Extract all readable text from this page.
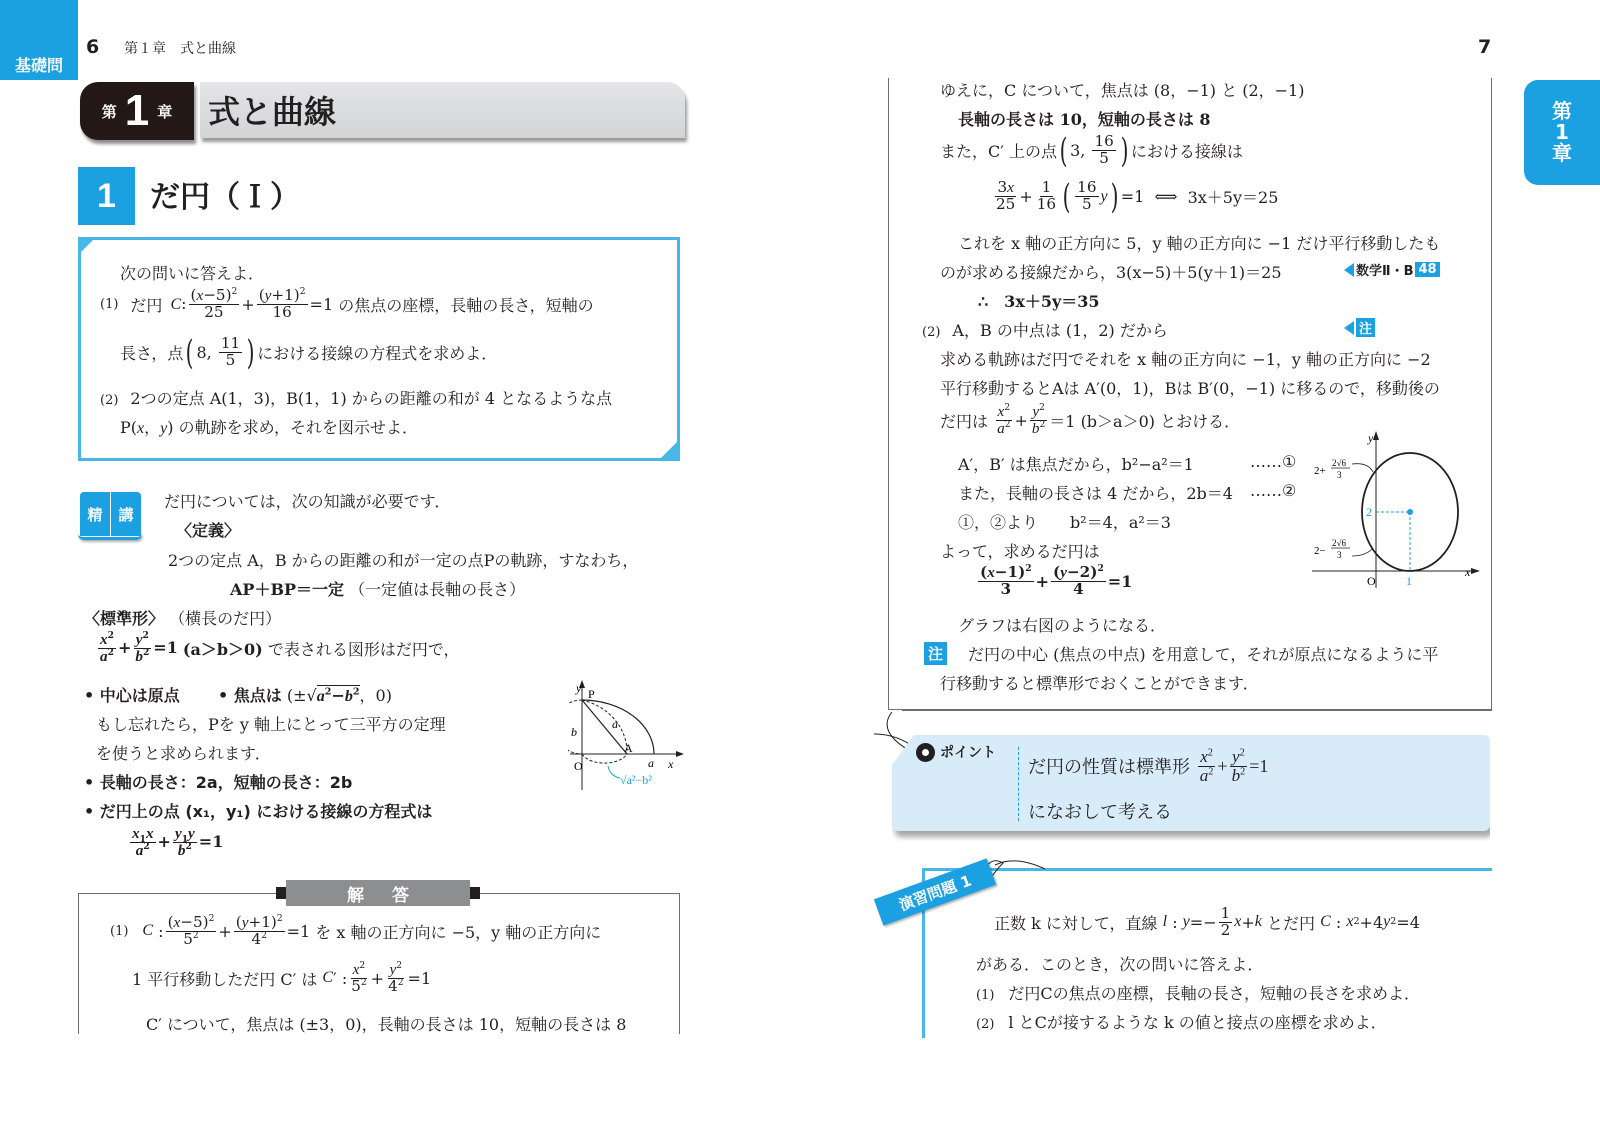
基礎問
6 第１章　式と曲線
第 1 章 式と曲線
1	だ円（Ｉ）
次の問いに答えよ．
(1) だ円 C: $\frac{(x-5)^2}{25} + \frac{(y+1)^2}{16} =1$ の焦点の座標，長軸の長さ，短軸の
長さ，点 ( 8, $\frac{11}{5}$ ) における接線の方程式を求めよ．
(2) 2つの定点 A(1，3)，B(1，1) からの距離の和が 4 となるような点
P(x，y) の軌跡を求め，それを図示せよ．
精	講
だ円については，次の知識が必要です．
〈定義〉
2つの定点 A，B からの距離の和が一定の点Pの軌跡，すなわち，
AP＋BP＝一定 （一定値は長軸の長さ）
〈標準形〉 （横長のだ円）
$\frac{x^2}{a^2} + \frac{y^2}{b^2} =1$
(a＞b＞0)
で表される図形はだ円で，
• 中心は原点	• 焦点は ($\pm√a^2-b^2$，0)
もし忘れたら，Pを y 軸上にとって三平方の定理
を使うと求められます．
• 長軸の長さ：2a，短軸の長さ：2b
• だ円上の点 (x₁，y₁) における接線の方程式は
$\frac{x_1x}{a^2} + \frac{y_1y}{b^2} =1$
y P
a
b
A
O	a x
√a²−b²
解答
(1) C : $\frac{(x-5)^2}{5^2} + \frac{(y+1)^2}{4^2} =1$ を x 軸の正方向に −5，y 軸の正方向に
1 平行移動しただ円 C′ は
C ′ : $\frac{x^2}{5^2} + \frac{y^2}{4^2} =1$
C′ について，焦点は (±3，0)，長軸の長さは 10，短軸の長さは 8
7
第
1
章
ゆえに，C について，焦点は (8，−1) と (2，−1)
長軸の長さは 10，短軸の長さは 8
また，C′ 上の点 ( 3, $\frac{16}{5}$ ) における接線は
$\frac{3x}{25} + \frac{1}{16}$ ( $\frac{16}{5}$ y ) =1  ⟺ 3x＋5y＝25
これを x 軸の正方向に 5，y 軸の正方向に −1 だけ平行移動したも
のが求める接線だから，3(x−5)＋5(y＋1)＝25	数学Ⅱ・B 48
∴　3x＋5y＝35
(2) A，B の中点は (1，2) だから	注
求める軌跡はだ円でそれを x 軸の正方向に −1，y 軸の正方向に −2
平行移動するとAは A′(0，1)，Bは B′(0，−1) に移るので，移動後の
だ円は
$\frac{x^2}{a^2} + \frac{y^2}{b^2} =1$ (b＞a＞0) とおける．
A′，B′ は焦点だから，b²−a²＝1	……①
また，長軸の長さは 4 だから，2b＝4 ……②
①，②より　　b²＝4，a²＝3
よって，求めるだ円は
$\frac{(x-1)^2}{3} + \frac{(y-2)^2}{4} =1$
グラフは右図のようになる．
注 だ円の中心 (焦点の中点) を用意して，それが原点になるように平
行移動すると標準形でおくことができます．
y
x
O	1
2
2+
2√6
3
2−
2√6
3
ポイント
だ円の性質は標準形
$\frac{x^2}{a^2} + \frac{y^2}{b^2} =1$
になおして考える
演習問題 1
正数 k に対して，直線
l : $y =- \frac{1}{2}$ x + k
とだ円
C : x 2 +4 y 2 =4
がある．このとき，次の問いに答えよ．
(1) だ円Cの焦点の座標，長軸の長さ，短軸の長さを求めよ．
(2) l とCが接するような k の値と接点の座標を求めよ．
